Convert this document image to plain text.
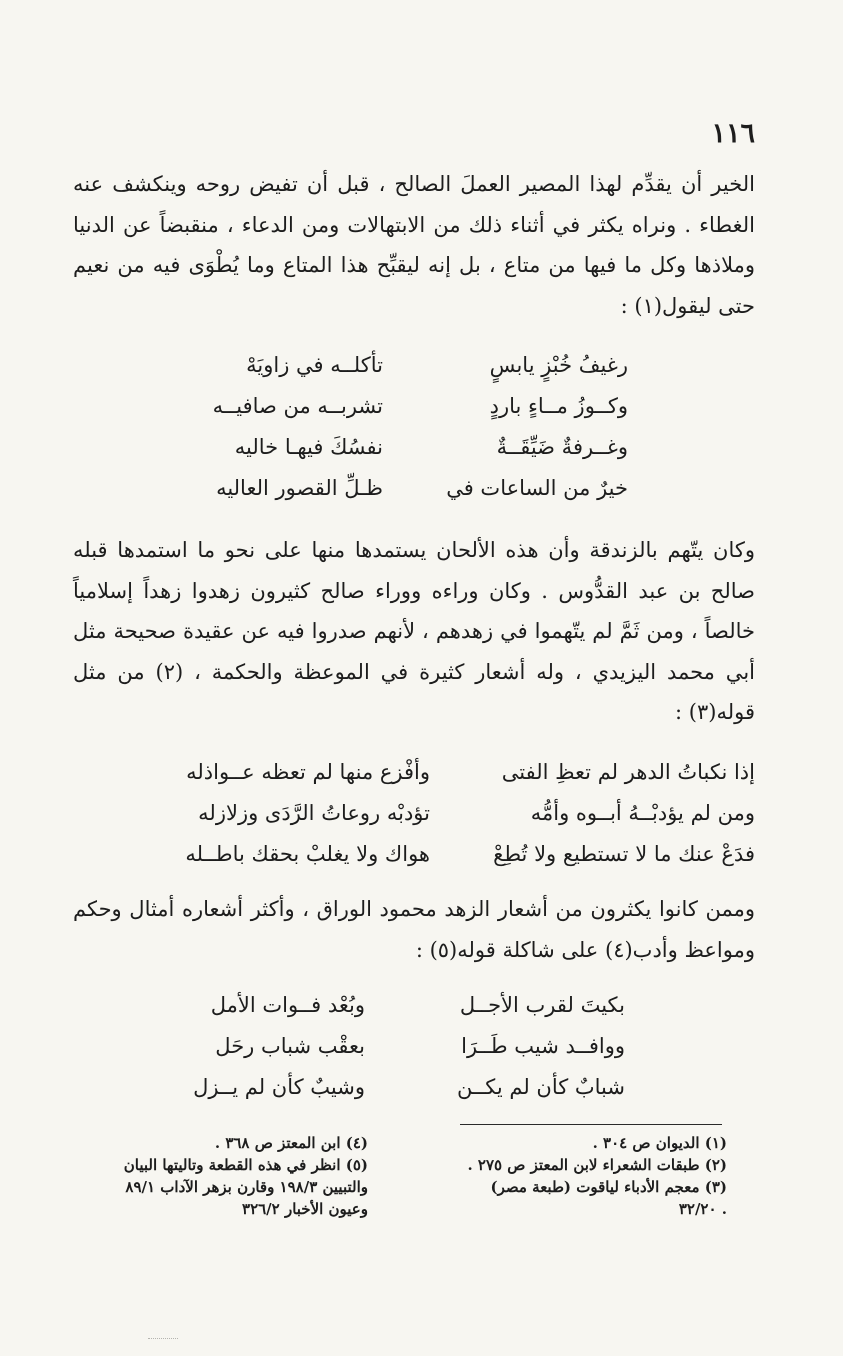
١١٦

الخير أن يقدِّم لهذا المصير العملَ الصالح ، قبل أن تفيض روحه وينكشف عنه الغطاء . ونراه يكثر في أثناء ذلك من الابتهالات ومن الدعاء ، منقبضاً عن الدنيا وملاذها وكل ما فيها من متاع ، بل إنه ليقبِّح هذا المتاع وما يُطْوَى فيه من نعيم حتى ليقول(١) :

رغيفُ خُبْزٍ يابسٍ
تأكلــه في زاويَهْ
وكــوزُ مــاءٍ باردٍ
تشربــه من صافيــه
وغــرفةٌ ضَيِّقَــةٌ
نفسُكَ فيهـا خاليه
خيرٌ من الساعات في
ظـلِّ القصور العاليه

وكان يتّهم بالزندقة وأن هذه الألحان يستمدها منها على نحو ما استمدها قبله صالح بن عبد القدُّوس . وكان وراءه ووراء صالح كثيرون زهدوا زهداً إسلامياً خالصاً ، ومن ثَمَّ لم يتّهموا في زهدهم ، لأنهم صدروا فيه عن عقيدة صحيحة مثل أبي محمد اليزيدي ، وله أشعار كثيرة في الموعظة والحكمة ، (٢) من مثل قوله(٣) :

إذا نكباتُ الدهر لم تعظِ الفتى
وأفْزع منها لم تعظه عــواذله
ومن لم يؤدبْــهُ أبــوه وأمُّه
تؤدبْه روعاتُ الرَّدَى وزلازله
فدَعْ عنك ما لا تستطيع ولا تُطِعْ
هواك ولا يغلبْ بحقك باطــله

وممن كانوا يكثرون من أشعار الزهد محمود الوراق ، وأكثر أشعاره أمثال وحكم ومواعظ وأدب(٤) على شاكلة قوله(٥) :

بكيتَ لقرب الأجــل
وبُعْد فــوات الأمل
ووافــد شيب طَــرَا
بعقْب شباب رحَل
شبابٌ كأن لم يكــن
وشيبٌ كأن لم يــزل

(١) الديوان ص ٣٠٤ .

(٢) طبقات الشعراء لابن المعتز ص ٢٧٥ .

(٣) معجم الأدباء لياقوت (طبعة مصر)

. ٣٢/٢٠

(٤) ابن المعتز ص ٣٦٨ .

(٥) انظر في هذه القطعة وتاليتها البيان

والتبيين ١٩٨/٣ وقارن بزهر الآداب ٨٩/١

وعيون الأخبار ٣٢٦/٢
